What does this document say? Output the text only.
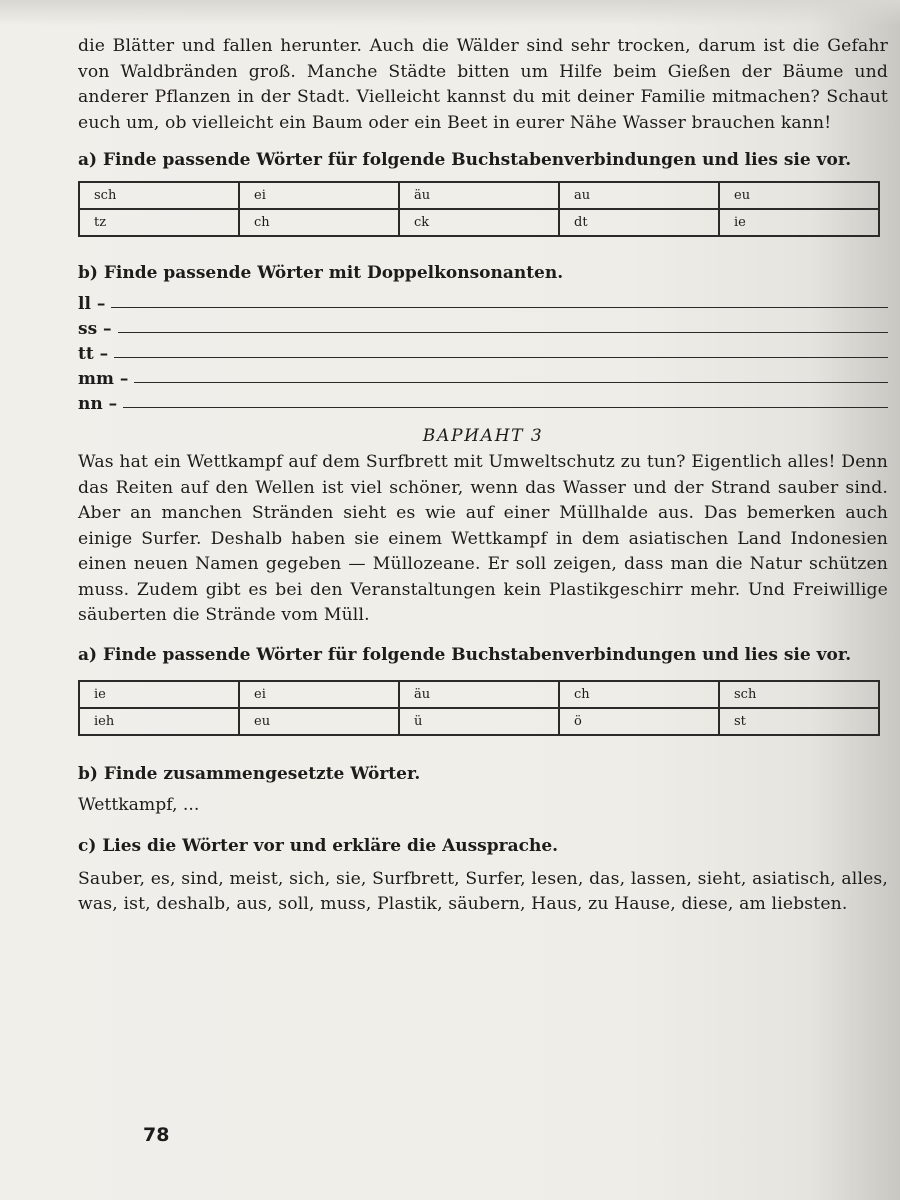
die Blätter und fallen herunter. Auch die Wälder sind sehr trocken, darum ist die Gefahr von Waldbränden groß. Manche Städte bitten um Hilfe beim Gießen der Bäume und anderer Pflanzen in der Stadt. Vielleicht kannst du mit deiner Familie mitmachen? Schaut euch um, ob vielleicht ein Baum oder ein Beet in eurer Nähe Wasser brauchen kann!

a) Finde passende Wörter für folgende Buchstabenverbindungen und lies sie vor.

sch	ei	äu	au	eu
tz	ch	ck	dt	ie

b) Finde passende Wörter mit Doppelkonsonanten.

ll –
ss –
tt –
mm –
nn –

ВАРИАНТ 3

Was hat ein Wettkampf auf dem Surfbrett mit Umweltschutz zu tun? Eigentlich alles! Denn das Reiten auf den Wellen ist viel schöner, wenn das Wasser und der Strand sauber sind. Aber an manchen Stränden sieht es wie auf einer Müllhalde aus. Das bemerken auch einige Surfer. Deshalb haben sie einem Wettkampf in dem asiatischen Land Indonesien einen neuen Namen gegeben — Müllozeane. Er soll zeigen, dass man die Natur schützen muss. Zudem gibt es bei den Veranstaltungen kein Plastikgeschirr mehr. Und Freiwillige säuberten die Strände vom Müll.

a) Finde passende Wörter für folgende Buchstabenverbindungen und lies sie vor.

ie	ei	äu	ch	sch
ieh	eu	ü	ö	st

b) Finde zusammengesetzte Wörter.

Wettkampf, ...

c) Lies die Wörter vor und erkläre die Aussprache.

Sauber, es, sind, meist, sich, sie, Surfbrett, Surfer, lesen, das, lassen, sieht, asiatisch, alles, was, ist, deshalb, aus, soll, muss, Plastik, säubern, Haus, zu Hause, diese, am liebsten.

78
